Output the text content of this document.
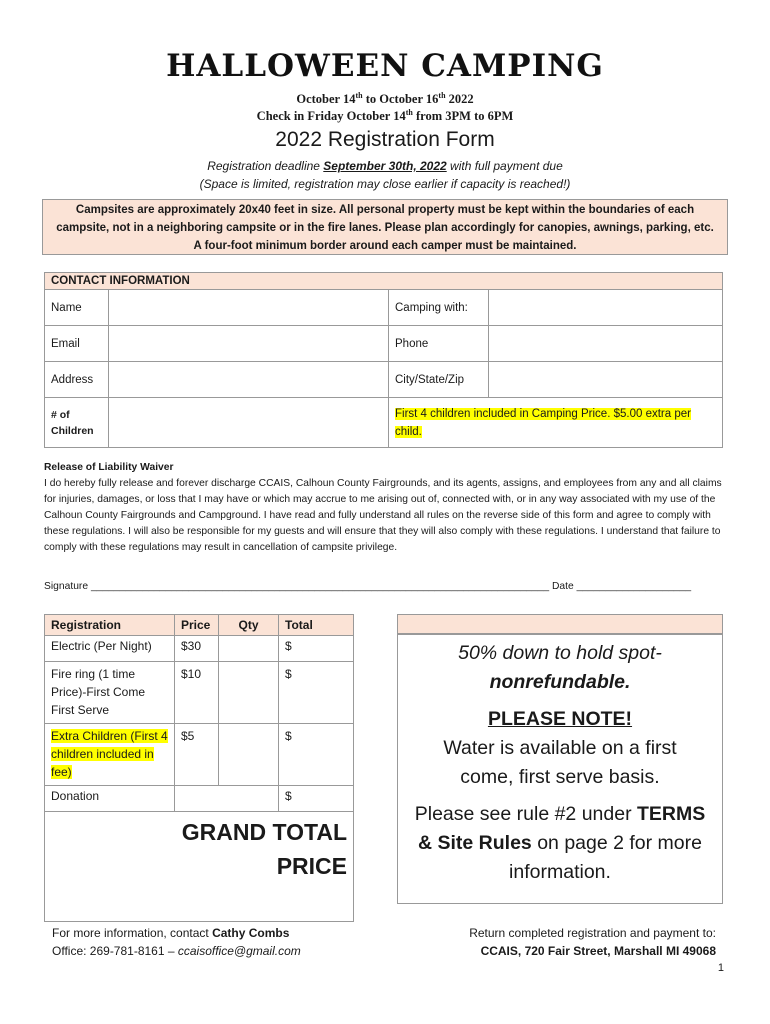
HALLOWEEN CAMPING
October 14th to October 16th 2022
Check in Friday October 14th from 3PM to 6PM
2022 Registration Form
Registration deadline September 30th, 2022 with full payment due
(Space is limited, registration may close earlier if capacity is reached!)
Campsites are approximately 20x40 feet in size. All personal property must be kept within the boundaries of each campsite, not in a neighboring campsite or in the fire lanes. Please plan accordingly for canopies, awnings, parking, etc. A four-foot minimum border around each camper must be maintained.
CONTACT INFORMATION			
Name		Camping with:	
Email		Phone	
Address		City/State/Zip	

# of
Children		First 4 children included in Camping Price. $5.00 extra per child.	
Release of Liability Waiver
I do hereby fully release and forever discharge CCAIS, Calhoun County Fairgrounds, and its agents, assigns, and employees from any and all claims for injuries, damages, or loss that I may have or which may accrue to me arising out of, connected with, or in any way associated with my use of the Calhoun County Fairgrounds and Campground. I have read and fully understand all rules on the reverse side of this form and agree to comply with these regulations. I will also be responsible for my guests and will ensure that they will also comply with these regulations. I understand that failure to comply with these regulations may result in cancellation of campsite privilege.
Signature ________________________________________________________________________________ Date ____________________
Registration	Price	Qty	Total
Electric (Per Night)	$30		$
Fire ring (1 time Price)-First Come First Serve	$10		$
Extra Children (First 4 children included in fee)	$5		$
Donation			$

GRAND TOTAL
PRICE			
50% down to hold spot-
nonrefundable.
PLEASE NOTE!
Water is available on a first come, first serve basis.
Please see rule #2 under TERMS & Site Rules on page 2 for more information.
For more information, contact Cathy Combs
Office: 269-781-8161 – ccaisoffice@gmail.com
Return completed registration and payment to:
CCAIS, 720 Fair Street, Marshall MI 49068
1
